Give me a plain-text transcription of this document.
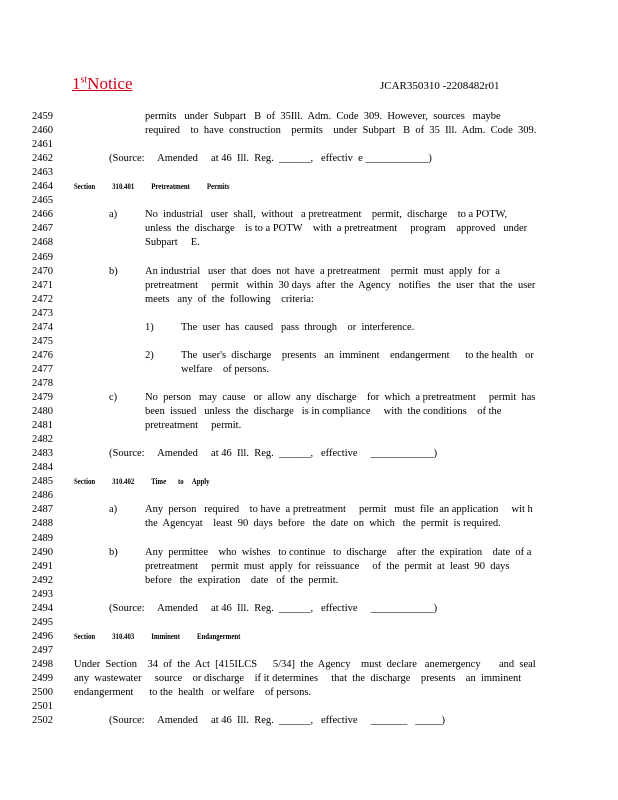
1stNotice	JCAR350310 -2208482r01
2459	permits   under  Subpart   B  of  35Ill.  Adm.  Code  309.  However,  sources   maybe
2460	required    to  have  construction    permits    under  Subpart   B  of  35  Ill.  Adm.  Code  309.
2461
2462	(Source:     Amended     at 46  Ill.  Reg.  ______,   effectiv  e ____________)
2463
2464	Section          310.401          Pretreatment          Permits
2465
2466	a)	No  industrial   user  shall,  without   a pretreatment    permit,  discharge    to a POTW,
2467	unless  the  discharge    is to a POTW    with  a pretreatment     program    approved   under
2468	Subpart     E.
2469
2470	b)	An industrial   user  that  does  not  have  a pretreatment    permit  must  apply  for  a
2471	pretreatment     permit   within  30 days  after  the  Agency   notifies   the  user  that  the  user
2472	meets   any  of  the  following    criteria:
2473
2474	1)	The  user  has  caused   pass  through    or  interference.
2475
2476	2)	The  user's  discharge    presents   an  imminent    endangerment      to the health   or
2477	welfare    of persons.
2478
2479	c)	No  person   may  cause   or  allow  any  discharge    for  which  a pretreatment     permit  has
2480	been  issued   unless  the  discharge   is in compliance     with  the conditions    of the
2481	pretreatment     permit.
2482
2483	(Source:     Amended     at 46  Ill.  Reg.  ______,   effective     ____________)
2484
2485	Section          310.402          Time       to     Apply
2486
2487	a)	Any  person   required    to have  a pretreatment     permit   must  file  an application     wit h
2488	the  Agencyat    least  90  days  before   the  date  on  which   the  permit  is required.
2489
2490	b)	Any  permittee    who  wishes   to continue   to  discharge    after  the  expiration    date  of a
2491	pretreatment     permit  must  apply  for  reissuance     of  the  permit  at  least  90  days
2492	before   the  expiration    date   of  the  permit.
2493
2494	(Source:     Amended     at 46  Ill.  Reg.  ______,   effective     ____________)
2495
2496	Section          310.403          Imminent          Endangerment
2497
2498	Under  Section    34  of  the  Act  [415ILCS      5/34]  the  Agency    must  declare   anemergency       and  seal
2499	any  wastewater     source    or discharge    if it determines     that  the  discharge    presents    an  imminent
2500	endangerment      to the  health   or welfare    of persons.
2501
2502	(Source:     Amended     at 46  Ill.  Reg.  ______,   effective     _______   _____)
